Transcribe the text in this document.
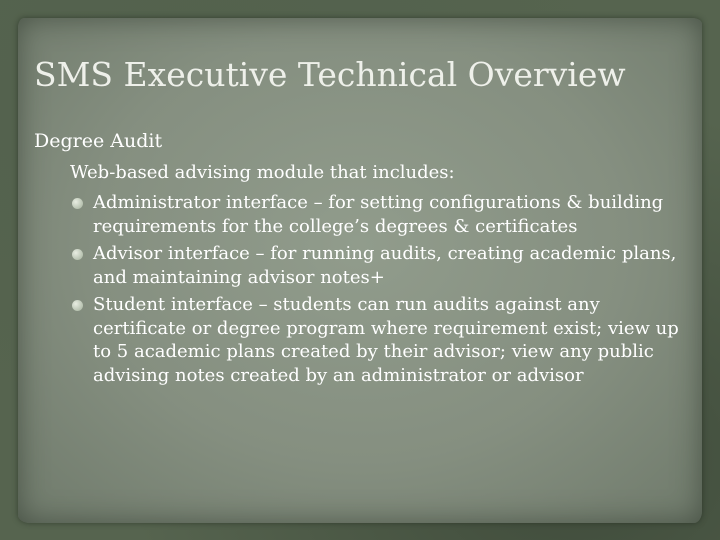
SMS Executive Technical Overview

Degree Audit

Web-based advising module that includes:

Administrator interface – for setting configurations & building requirements for the college’s degrees & certificates
Advisor interface – for running audits, creating academic plans, and maintaining advisor notes+
Student interface – students can run audits against any certificate or degree program where requirement exist; view up to 5 academic plans created by their advisor; view any public advising notes created by an administrator or advisor
